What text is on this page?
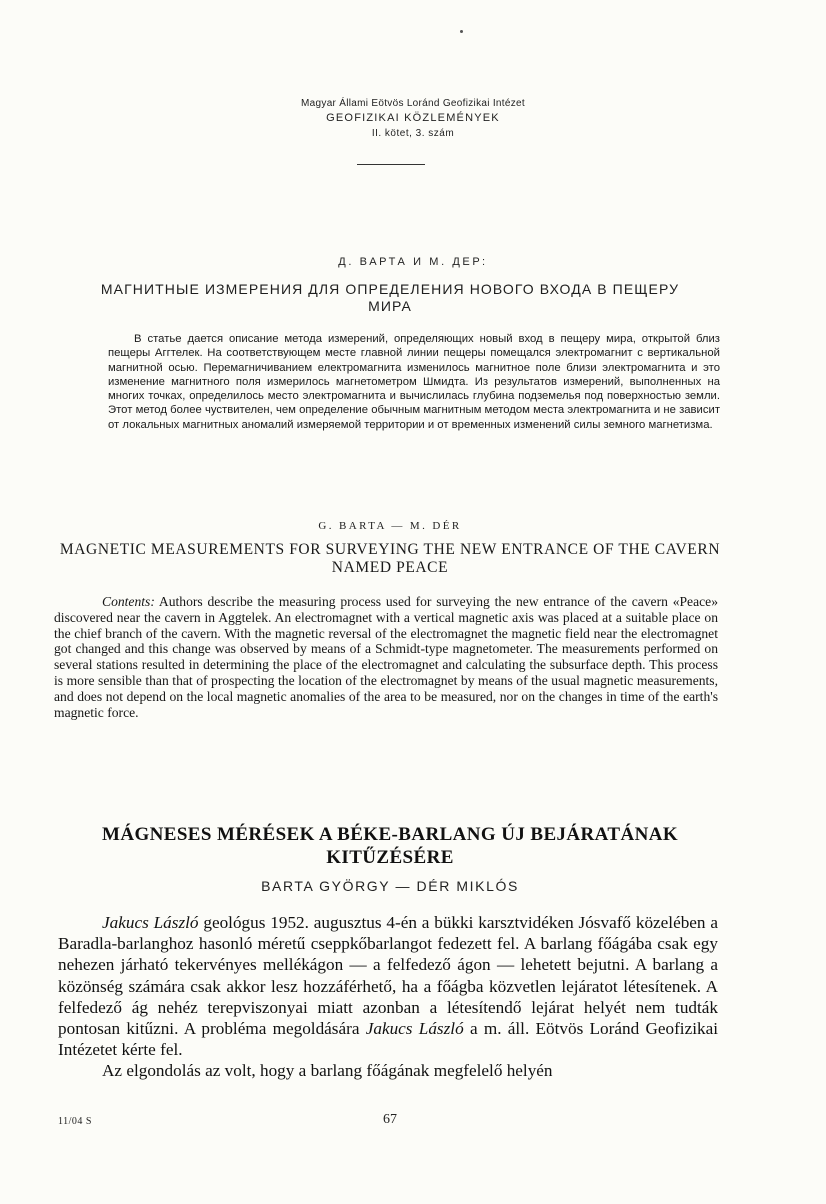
Magyar Állami Eötvös Loránd Geofizikai Intézet
GEOFIZIKAI KÖZLEMÉNYEK
II. kötet, 3. szám
Д. ВАРТА И М. ДЕР:
МАГНИТНЫЕ ИЗМЕРЕНИЯ ДЛЯ ОПРЕДЕЛЕНИЯ НОВОГО ВХОДА В ПЕЩЕРУ МИРА
В статье дается описание метода измерений, определяющих новый вход в пещеру мира, открытой близ пещеры Аггтелек. На соответствующем месте главной линии пещеры помещался электромагнит с вертикальной магнитной осью. Перемагничиванием електромагнита изменилось магнитное поле близи электромагнита и это изменение магнитного поля измерилось магнетометром Шмидта. Из результатов измерений, выполненных на многих точках, определилось место электромагнита и вычислилась глубина подземелья под поверхностью земли. Этот метод более чуствителен, чем определение обычным магнитным методом места электромагнита и не зависит от локальных магнитных аномалий измеряемой территории и от временных изменений силы земного магнетизма.
G. BARTA — M. DÉR
MAGNETIC MEASUREMENTS FOR SURVEYING THE NEW ENTRANCE OF THE CAVERN NAMED PEACE
Contents: Authors describe the measuring process used for surveying the new entrance of the cavern «Peace» discovered near the cavern in Aggtelek. An electromagnet with a vertical magnetic axis was placed at a suitable place on the chief branch of the cavern. With the magnetic reversal of the electromagnet the magnetic field near the electromagnet got changed and this change was observed by means of a Schmidt-type magnetometer. The measurements performed on several stations resulted in determining the place of the electromagnet and calculating the subsurface depth. This process is more sensible than that of prospecting the location of the electromagnet by means of the usual magnetic measurements, and does not depend on the local magnetic anomalies of the area to be measured, nor on the changes in time of the earth's magnetic force.
MÁGNESES MÉRÉSEK A BÉKE-BARLANG ÚJ BEJÁRATÁNAK KITŰZÉSÉRE
BARTA GYÖRGY — DÉR MIKLÓS

Jakucs László geológus 1952. augusztus 4-én a bükki karsztvidéken Jósvafő közelében a Baradla-barlanghoz hasonló méretű cseppkőbarlangot fedezett fel. A barlang főágába csak egy nehezen járható tekervényes mellékágon — a felfedező ágon — lehetett bejutni. A barlang a közönség számára csak akkor lesz hozzáférhető, ha a főágba közvetlen lejáratot létesítenek. A felfedező ág nehéz terepviszonyai miatt azonban a létesítendő lejárat helyét nem tudták pontosan kitűzni. A probléma megoldására Jakucs László a m. áll. Eötvös Loránd Geofizikai Intézetet kérte fel.

Az elgondolás az volt, hogy a barlang főágának megfelelő helyén

11/04 S	67
